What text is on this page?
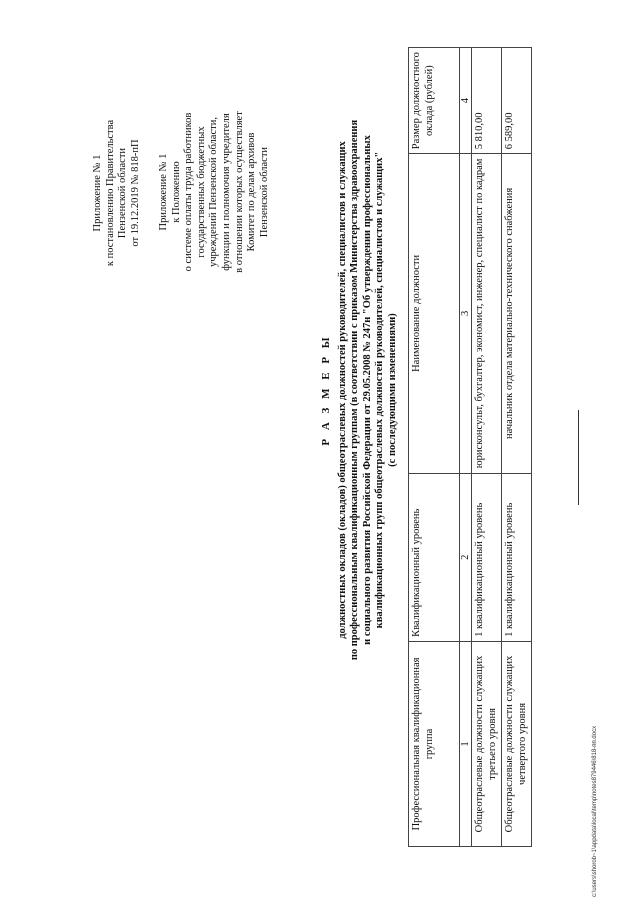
Приложение № 1 к постановлению Правительства Пензенской области от 19.12.2019 № 818-пП Приложение № 1 к Положению о системе оплаты труда работников государственных бюджетных учреждений Пензенской области, функции и полномочия учредителя в отношении которых осуществляет Комитет по делам архивов Пензенской области
Р А З М Е Р Ы должностных окладов (окладов) общеотраслевых должностей руководителей, специалистов и служащих по профессиональным квалификационным группам (в соответствии с приказом Министерства здравоохранения и социального развития Российской Федерации от 29.05.2008 № 247н "Об утверждении профессиональных квалификационных групп общеотраслевых должностей руководителей, специалистов и служащих" (с последующими изменениями)
Профессиональная квалификационная группа	Квалификационный уровень	Наименование должности	Размер должностного оклада (рублей)
1	2	3	4
Общеотраслевые должности служащих третьего уровня	1 квалификационный уровень	юрисконсульт, бухгалтер, экономист, инженер, специалист по кадрам	5 810,00
Общеотраслевые должности служащих четвертого уровня	1 квалификационный уровень	начальник отдела материально-технического снабжения	6 589,00
c:\users\shorob~1\appdata\local\temp\notes879446\818-пп.docx
